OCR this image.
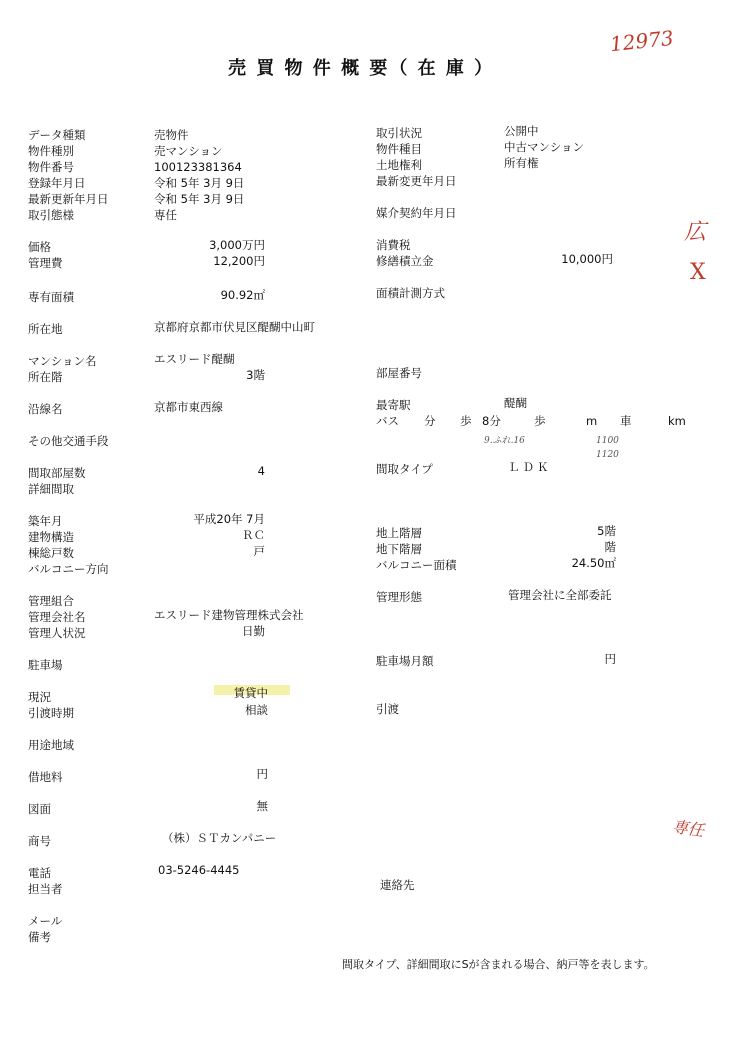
12973
広
X
専任
9.ふれ.16	1100
1120
売 買 物 件 概 要（ 在 庫 ）
データ種類	売物件
物件種別	売マンション
物件番号	100123381364
登録年月日	令和 5年 3月 9日
最新更新年月日	令和 5年 3月 9日
取引態様	専任
価格	3,000万円
管理費	12,200円
専有面積	90.92㎡
所在地	京都府京都市伏見区醍醐中山町
マンション名	エスリード醍醐
所在階	3階
沿線名	京都市東西線
その他交通手段
間取部屋数	4
詳細間取
築年月	平成20年 7月
建物構造	ＲＣ
棟総戸数	戸
バルコニー方向
管理組合
管理会社名	エスリード建物管理株式会社
管理人状況	日勤
駐車場
現況	賃貸中
引渡時期	相談
用途地域
借地料	円
図面	無
商号	（株）ＳＴカンパニー
電話	03-5246-4445
担当者
メール
備考
取引状況	公開中
物件種目	中古マンション
土地権利	所有権
最新変更年月日
媒介契約年月日
消費税
修繕積立金	10,000円
面積計測方式
部屋番号
最寄駅	醍醐
バス 分 歩 8分	歩	m 車	km
間取タイプ	ＬＤＫ
地上階層	5階
地下階層	階
バルコニー面積	24.50㎡
管理形態	管理会社に全部委託
駐車場月額	円
引渡
連絡先
間取タイプ、詳細間取にSが含まれる場合、納戸等を表します。
